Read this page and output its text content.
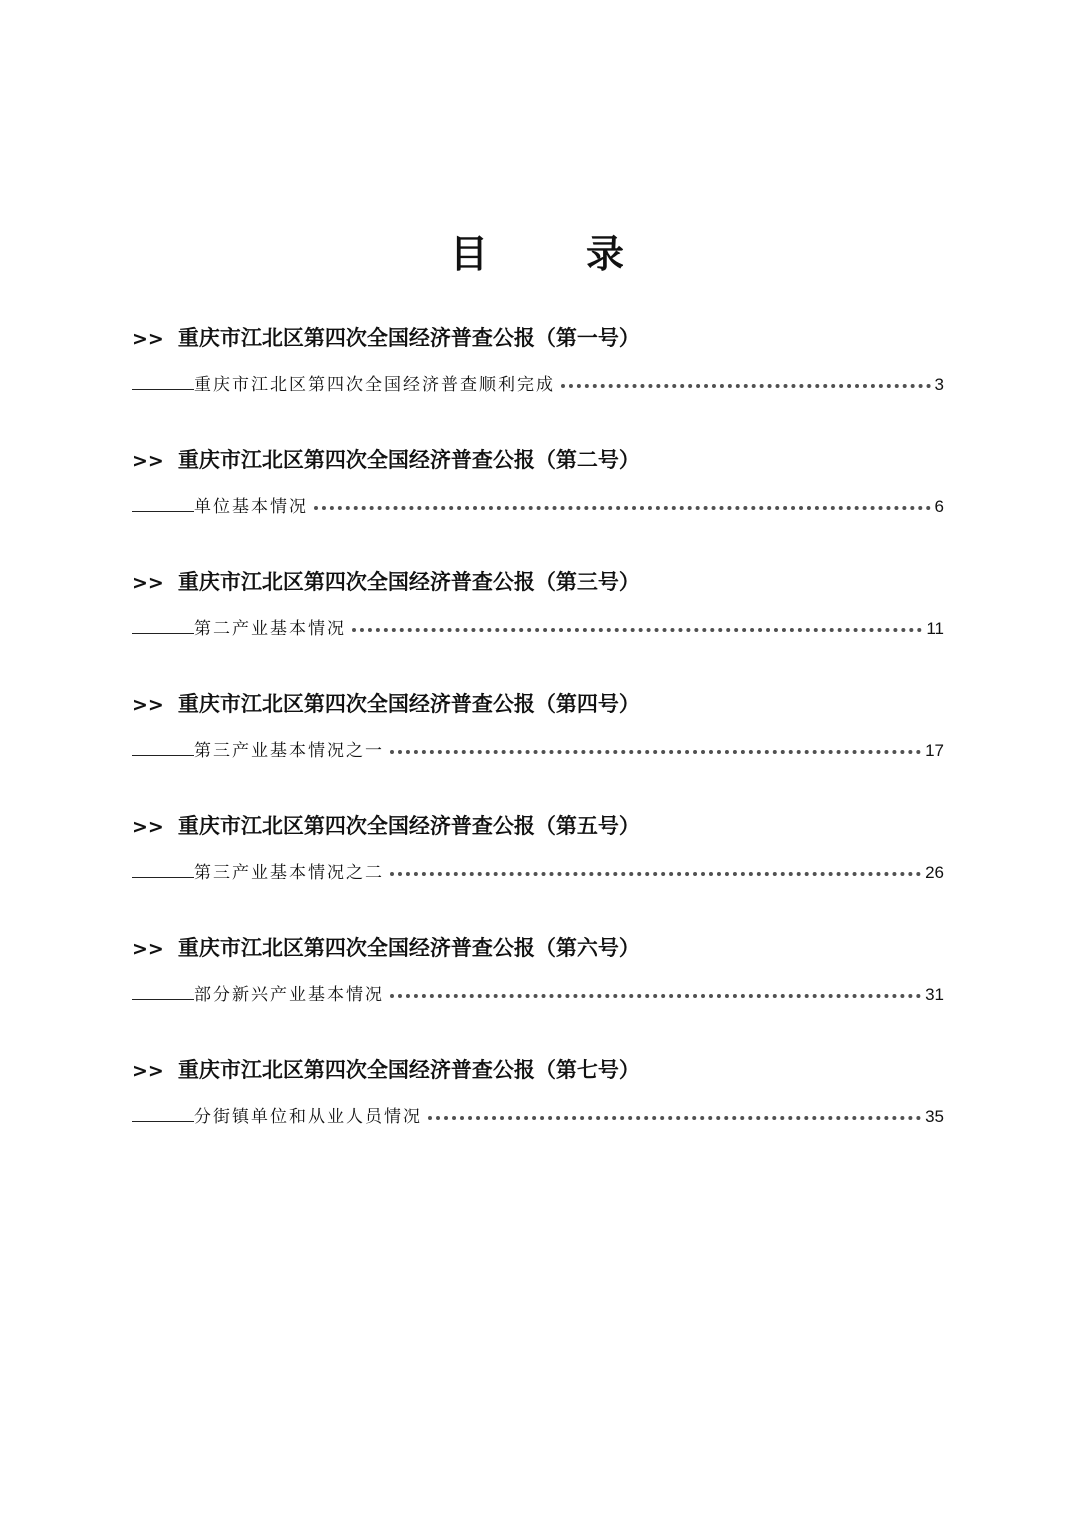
目　录
>> 重庆市江北区第四次全国经济普查公报（第一号）
重庆市江北区第四次全国经济普查顺利完成	3
>> 重庆市江北区第四次全国经济普查公报（第二号）
单位基本情况	6
>> 重庆市江北区第四次全国经济普查公报（第三号）
第二产业基本情况	11
>> 重庆市江北区第四次全国经济普查公报（第四号）
第三产业基本情况之一	17
>> 重庆市江北区第四次全国经济普查公报（第五号）
第三产业基本情况之二	26
>> 重庆市江北区第四次全国经济普查公报（第六号）
部分新兴产业基本情况	31
>> 重庆市江北区第四次全国经济普查公报（第七号）
分街镇单位和从业人员情况	35
